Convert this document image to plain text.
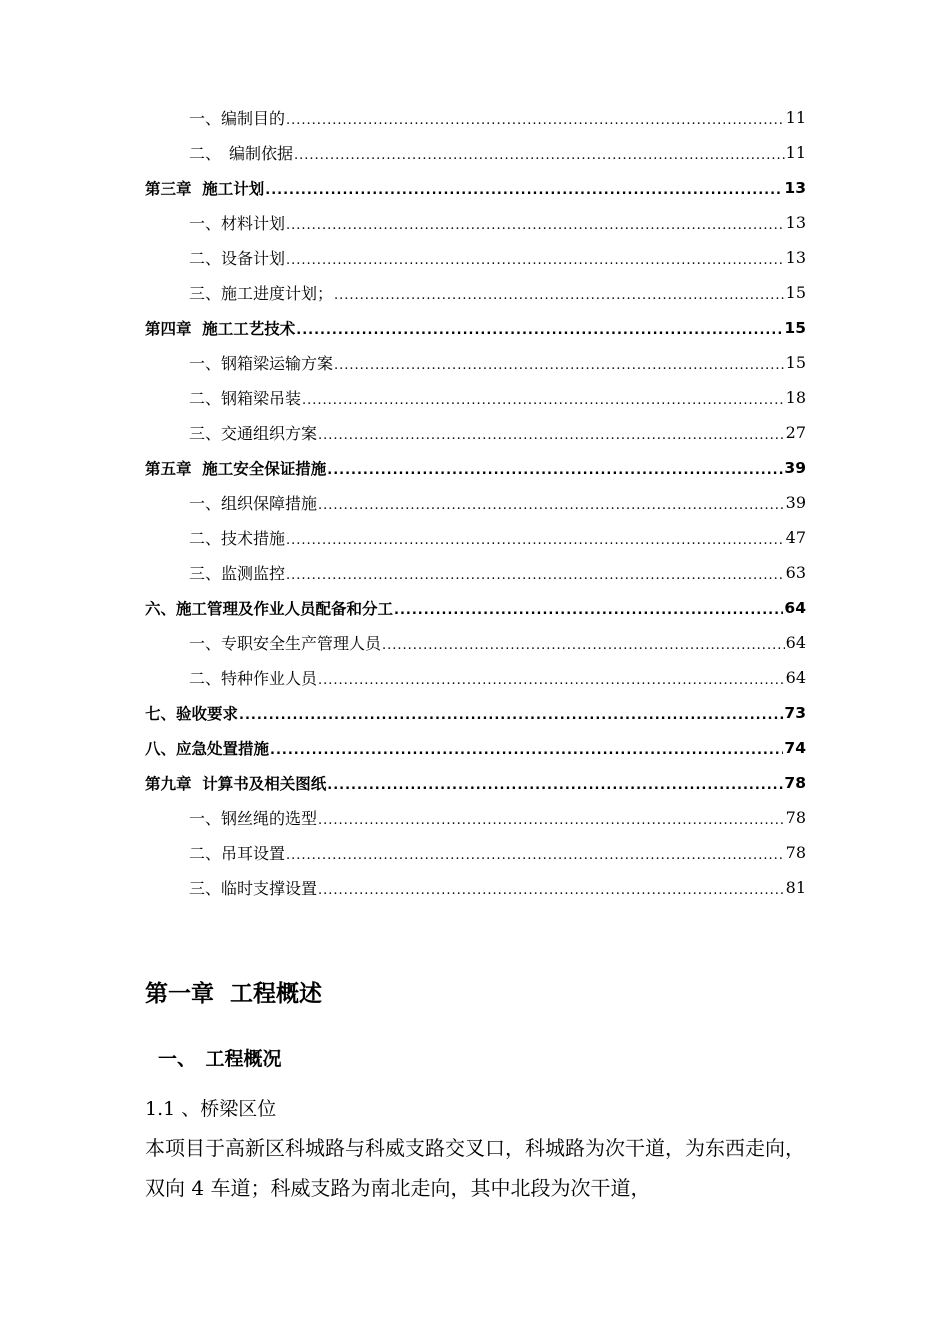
一、编制目的 .....	11
二、　编制依据 .....	11
第三章  施工计划 .....	13
一、材料计划 .....	13
二、设备计划 .....	13
三、施工进度计划； .....	15
第四章  施工工艺技术 .....	15
一、钢箱梁运输方案 .....	15
二、钢箱梁吊装 .....	18
三、交通组织方案 .....	27
第五章  施工安全保证措施 .....	39
一、组织保障措施 .....	39
二、技术措施 .....	47
三、监测监控 .....	63
六、施工管理及作业人员配备和分工 .....	64
一、专职安全生产管理人员 .....	64
二、特种作业人员 .....	64
七、验收要求 .....	73
八、应急处置措施 .....	74
第九章  计算书及相关图纸 .....	78
一、钢丝绳的选型 .....	78
二、吊耳设置 .....	78
三、临时支撑设置 .....	81
第一章  工程概述
一、　工程概况
1.1 、桥梁区位

本项目于高新区科城路与科威支路交叉口，科城路为次干道，为东西走向，双向 4 车道；科威支路为南北走向，其中北段为次干道，
